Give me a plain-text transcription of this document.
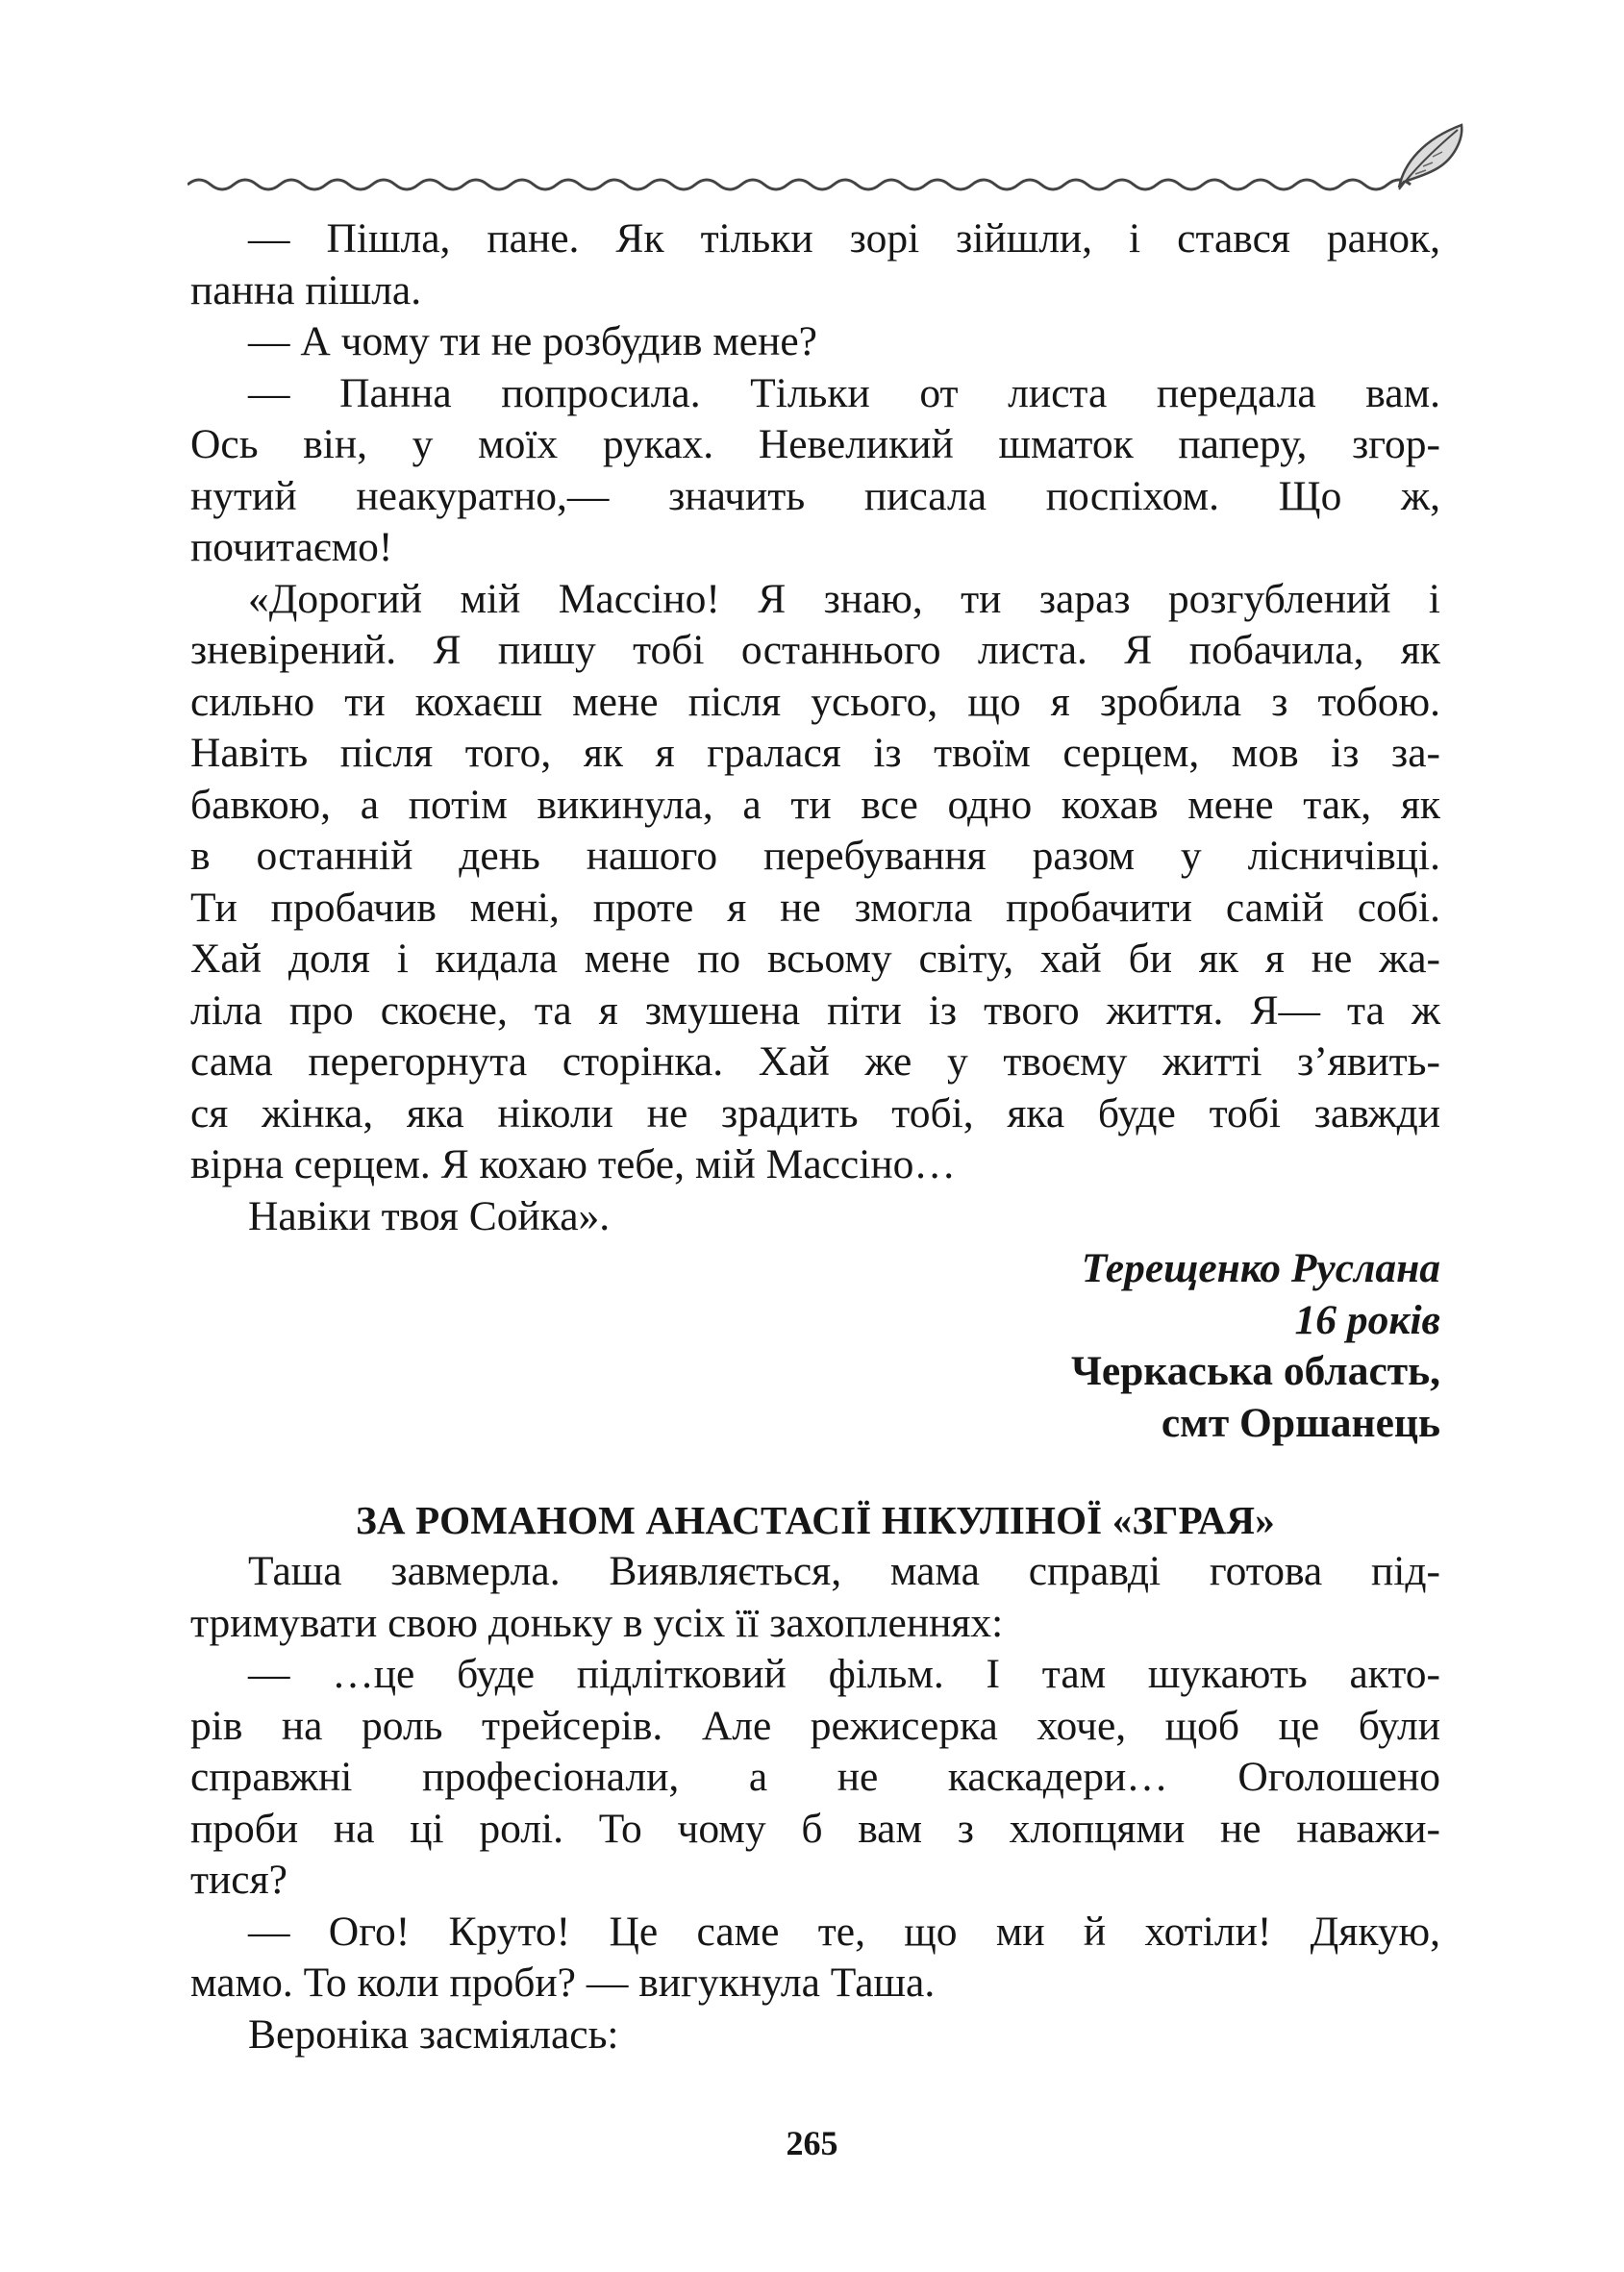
— Пішла, пане. Як тільки зорі зійшли, і стався ранок,
панна пішла.
— А чому ти не розбудив мене?
— Панна попросила. Тільки от листа передала вам.
Ось він, у моїх руках. Невеликий шматок паперу, згор-
нутий неакуратно,— значить писала поспіхом. Що ж,
почитаємо!
«Дорогий мій Массіно! Я знаю, ти зараз розгублений і
зневірений. Я пишу тобі останнього листа. Я побачила, як
сильно ти кохаєш мене після усього, що я зробила з тобою.
Навіть після того, як я гралася із твоїм серцем, мов із за-
бавкою, а потім викинула, а ти все одно кохав мене так, як
в останній день нашого перебування разом у лісничівці.
Ти пробачив мені, проте я не змогла пробачити самій собі.
Хай доля і кидала мене по всьому світу, хай би як я не жа-
ліла про скоєне, та я змушена піти із твого життя. Я— та ж
сама перегорнута сторінка. Хай же у твоєму житті з’явить-
ся жінка, яка ніколи не зрадить тобі, яка буде тобі завжди
вірна серцем. Я кохаю тебе, мій Массіно…
Навіки твоя Сойка».
Терещенко Руслана
16 років
Черкаська область,
смт Оршанець
ЗА РОМАНОМ АНАСТАСІЇ НІКУЛІНОЇ «ЗГРАЯ»
Таша завмерла. Виявляється, мама справді готова під-
тримувати свою доньку в усіх її захопленнях:
— …це буде підлітковий фільм. І там шукають акто-
рів на роль трейсерів. Але режисерка хоче, щоб це були
справжні професіонали, а не каскадери… Оголошено
проби на ці ролі. То чому б вам з хлопцями не наважи-
тися?
— Ого! Круто! Це саме те, що ми й хотіли! Дякую,
мамо. То коли проби? — вигукнула Таша.
Вероніка засміялась:
265
